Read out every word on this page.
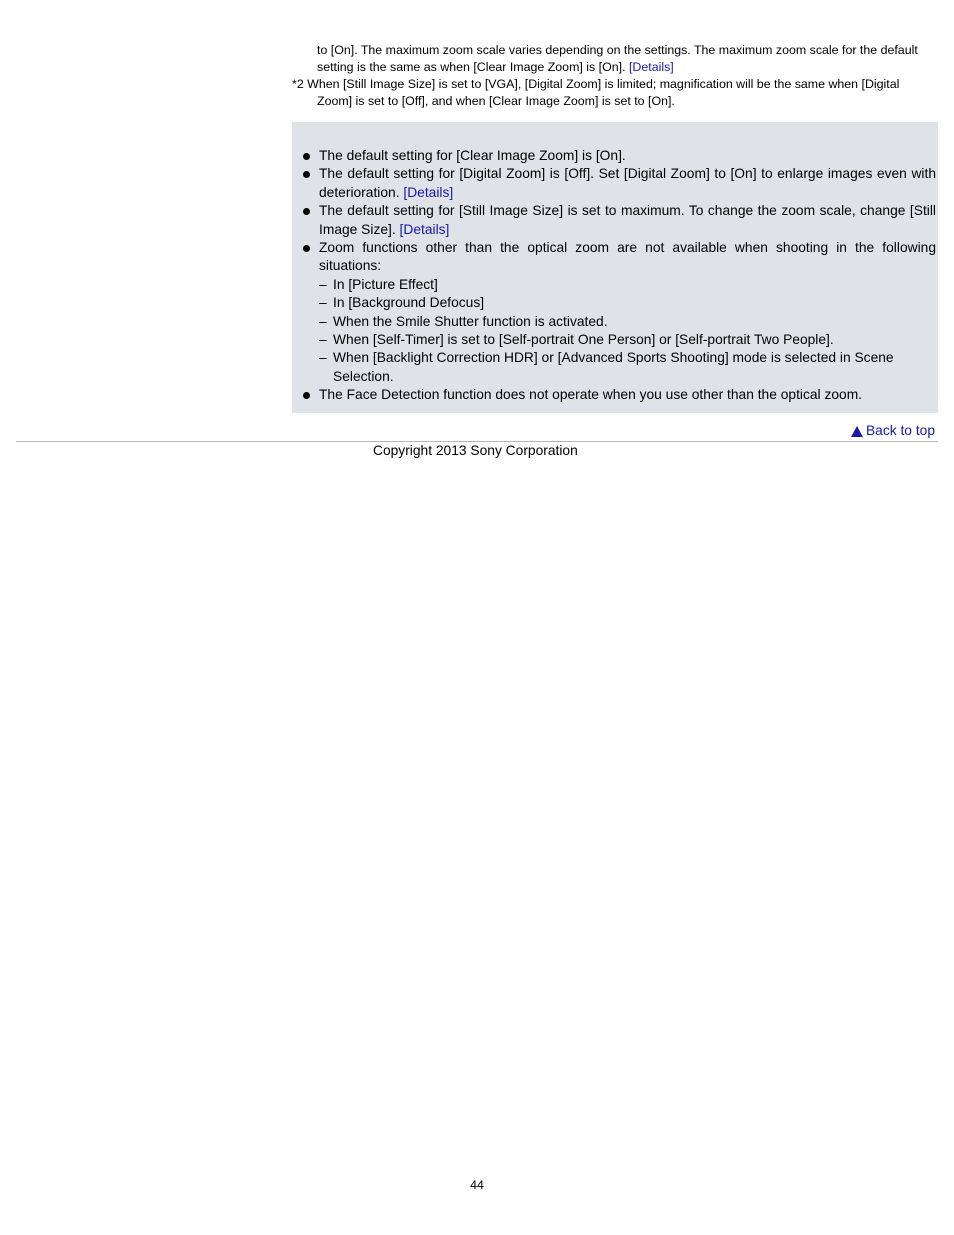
to [On]. The maximum zoom scale varies depending on the settings. The maximum zoom scale for the default setting is the same as when [Clear Image Zoom] is [On]. [Details]
*2 When [Still Image Size] is set to [VGA], [Digital Zoom] is limited; magnification will be the same when [Digital Zoom] is set to [Off], and when [Clear Image Zoom] is set to [On].
The default setting for [Clear Image Zoom] is [On].
The default setting for [Digital Zoom] is [Off]. Set [Digital Zoom] to [On] to enlarge images even with deterioration. [Details]
The default setting for [Still Image Size] is set to maximum. To change the zoom scale, change [Still Image Size]. [Details]
Zoom functions other than the optical zoom are not available when shooting in the following situations:
– In [Picture Effect]
– In [Background Defocus]
– When the Smile Shutter function is activated.
– When [Self-Timer] is set to [Self-portrait One Person] or [Self-portrait Two People].
– When [Backlight Correction HDR] or [Advanced Sports Shooting] mode is selected in Scene Selection.
The Face Detection function does not operate when you use other than the optical zoom.
Back to top
Copyright 2013 Sony Corporation
44
